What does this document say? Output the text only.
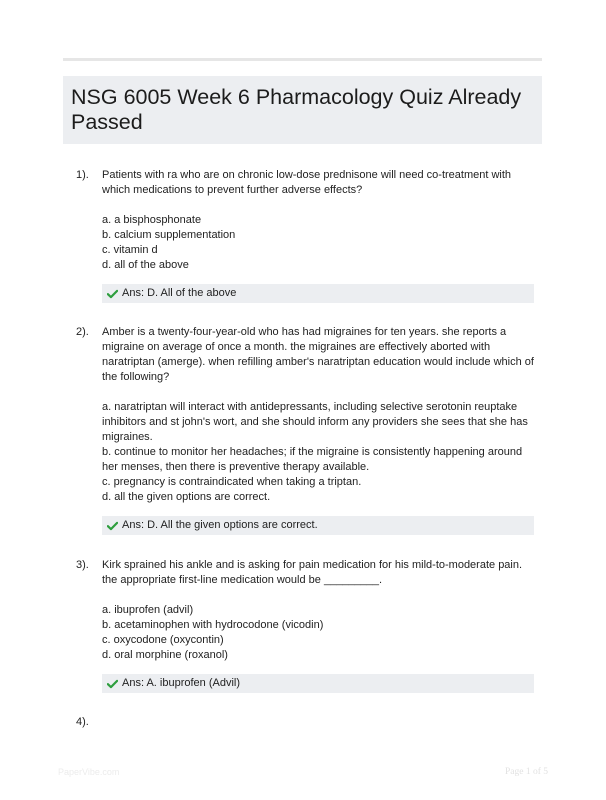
NSG 6005 Week 6 Pharmacology Quiz Already Passed
1). Patients with ra who are on chronic low-dose prednisone will need co-treatment with which medications to prevent further adverse effects?

a. a bisphosphonate

b. calcium supplementation

c. vitamin d

d. all of the above

Ans: D. All of the above
2). Amber is a twenty-four-year-old who has had migraines for ten years. she reports a migraine on average of once a month. the migraines are effectively aborted with naratriptan (amerge). when refilling amber's naratriptan education would include which of the following?

a. naratriptan will interact with antidepressants, including selective serotonin reuptake inhibitors and st john's wort, and she should inform any providers she sees that she has migraines.

b. continue to monitor her headaches; if the migraine is consistently happening around her menses, then there is preventive therapy available.

c. pregnancy is contraindicated when taking a triptan.

d. all the given options are correct.

Ans: D. All the given options are correct.
3). Kirk sprained his ankle and is asking for pain medication for his mild-to-moderate pain. the appropriate first-line medication would be _________.

a. ibuprofen (advil)

b. acetaminophen with hydrocodone (vicodin)

c. oxycodone (oxycontin)

d. oral morphine (roxanol)

Ans: A. ibuprofen (Advil)
4).
PaperVibe.com	Page 1 of 5
